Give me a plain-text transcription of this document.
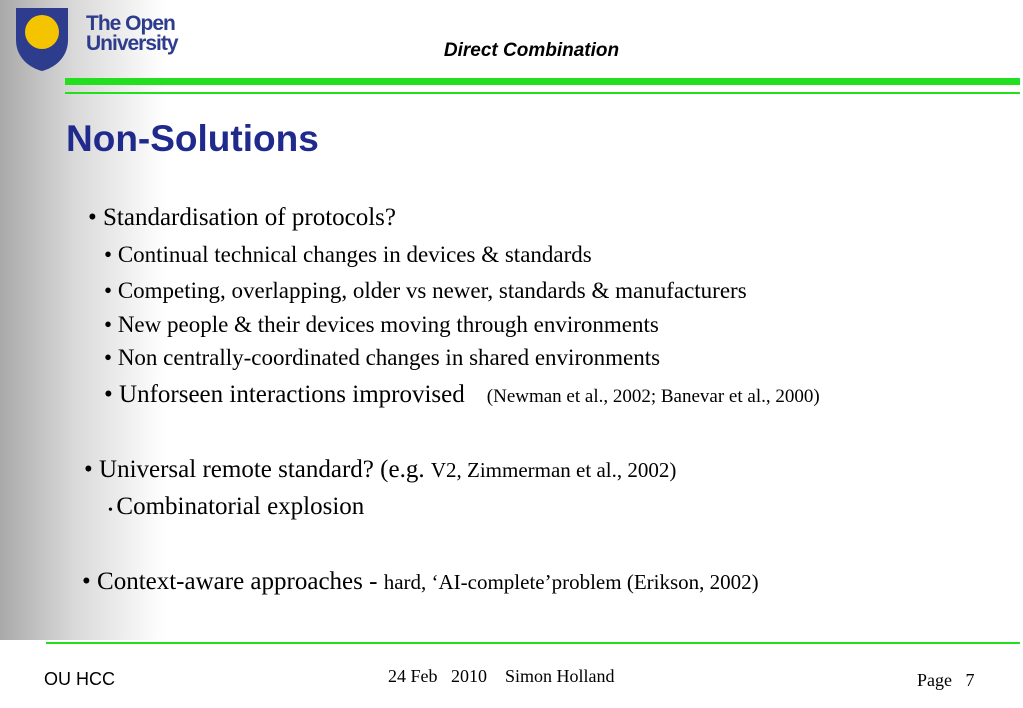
The Open
University	Direct Combination
Non-Solutions
• Standardisation of protocols?
• Continual technical changes in devices & standards
• Competing, overlapping, older vs newer, standards & manufacturers
• New people & their devices moving through environments
• Non centrally-coordinated changes in shared environments
• Unforseen interactions improvised (Newman et al., 2002; Banevar et al., 2000)
• Universal remote standard? (e.g. V2, Zimmerman et al., 2002)
• Combinatorial explosion
• Context-aware approaches - hard, ‘AI-complete’problem (Erikson, 2002)
OU HCC	24 Feb   2010    Simon Holland	Page 7
